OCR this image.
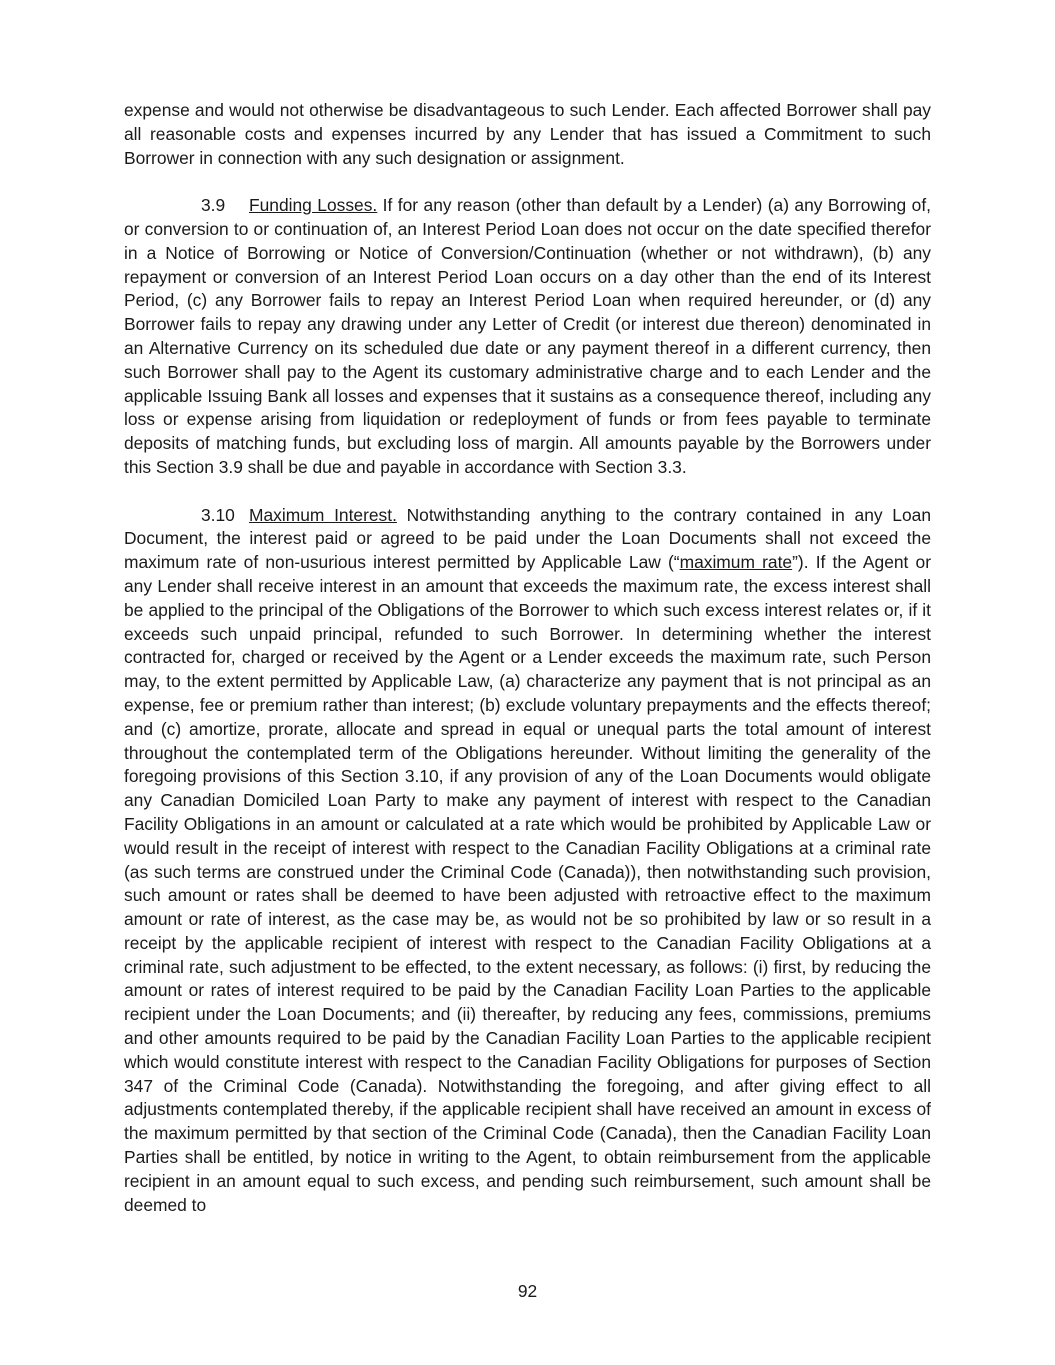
expense and would not otherwise be disadvantageous to such Lender. Each affected Borrower shall pay all reasonable costs and expenses incurred by any Lender that has issued a Commitment to such Borrower in connection with any such designation or assignment.

3.9 Funding Losses. If for any reason (other than default by a Lender) (a) any Borrowing of, or conversion to or continuation of, an Interest Period Loan does not occur on the date specified therefor in a Notice of Borrowing or Notice of Conversion/Continuation (whether or not withdrawn), (b) any repayment or conversion of an Interest Period Loan occurs on a day other than the end of its Interest Period, (c) any Borrower fails to repay an Interest Period Loan when required hereunder, or (d) any Borrower fails to repay any drawing under any Letter of Credit (or interest due thereon) denominated in an Alternative Currency on its scheduled due date or any payment thereof in a different currency, then such Borrower shall pay to the Agent its customary administrative charge and to each Lender and the applicable Issuing Bank all losses and expenses that it sustains as a consequence thereof, including any loss or expense arising from liquidation or redeployment of funds or from fees payable to terminate deposits of matching funds, but excluding loss of margin. All amounts payable by the Borrowers under this Section 3.9 shall be due and payable in accordance with Section 3.3.

3.10 Maximum Interest. Notwithstanding anything to the contrary contained in any Loan Document, the interest paid or agreed to be paid under the Loan Documents shall not exceed the maximum rate of non-usurious interest permitted by Applicable Law (“maximum rate”). If the Agent or any Lender shall receive interest in an amount that exceeds the maximum rate, the excess interest shall be applied to the principal of the Obligations of the Borrower to which such excess interest relates or, if it exceeds such unpaid principal, refunded to such Borrower. In determining whether the interest contracted for, charged or received by the Agent or a Lender exceeds the maximum rate, such Person may, to the extent permitted by Applicable Law, (a) characterize any payment that is not principal as an expense, fee or premium rather than interest; (b) exclude voluntary prepayments and the effects thereof; and (c) amortize, prorate, allocate and spread in equal or unequal parts the total amount of interest throughout the contemplated term of the Obligations hereunder. Without limiting the generality of the foregoing provisions of this Section 3.10, if any provision of any of the Loan Documents would obligate any Canadian Domiciled Loan Party to make any payment of interest with respect to the Canadian Facility Obligations in an amount or calculated at a rate which would be prohibited by Applicable Law or would result in the receipt of interest with respect to the Canadian Facility Obligations at a criminal rate (as such terms are construed under the Criminal Code (Canada)), then notwithstanding such provision, such amount or rates shall be deemed to have been adjusted with retroactive effect to the maximum amount or rate of interest, as the case may be, as would not be so prohibited by law or so result in a receipt by the applicable recipient of interest with respect to the Canadian Facility Obligations at a criminal rate, such adjustment to be effected, to the extent necessary, as follows: (i) first, by reducing the amount or rates of interest required to be paid by the Canadian Facility Loan Parties to the applicable recipient under the Loan Documents; and (ii) thereafter, by reducing any fees, commissions, premiums and other amounts required to be paid by the Canadian Facility Loan Parties to the applicable recipient which would constitute interest with respect to the Canadian Facility Obligations for purposes of Section 347 of the Criminal Code (Canada). Notwithstanding the foregoing, and after giving effect to all adjustments contemplated thereby, if the applicable recipient shall have received an amount in excess of the maximum permitted by that section of the Criminal Code (Canada), then the Canadian Facility Loan Parties shall be entitled, by notice in writing to the Agent, to obtain reimbursement from the applicable recipient in an amount equal to such excess, and pending such reimbursement, such amount shall be deemed to

92
